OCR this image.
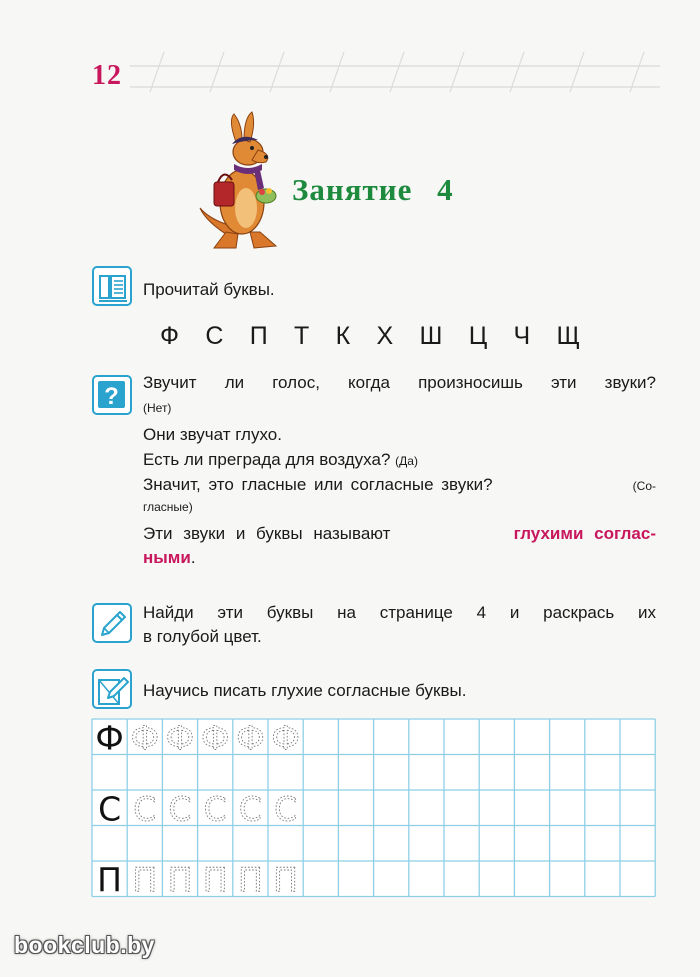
12
Занятие 4
Прочитай буквы.
Ф С П Т К Х Ш Ц Ч Щ
?
Звучит ли голос, когда произносишь эти звуки?
(Нет)
Они звучат глухо.
Есть ли преграда для воздуха? (Да)
Значит, это гласные или согласные звуки?	(Со-
гласные)
Эти звуки и буквы называют	глухими соглас-
ными.
Найди эти буквы на странице 4 и раскрась их
в голубой цвет.
Научись писать глухие согласные буквы.
Ф Ф Ф Ф Ф Ф
С С С С С С
П П П П П П
bookclub.by
